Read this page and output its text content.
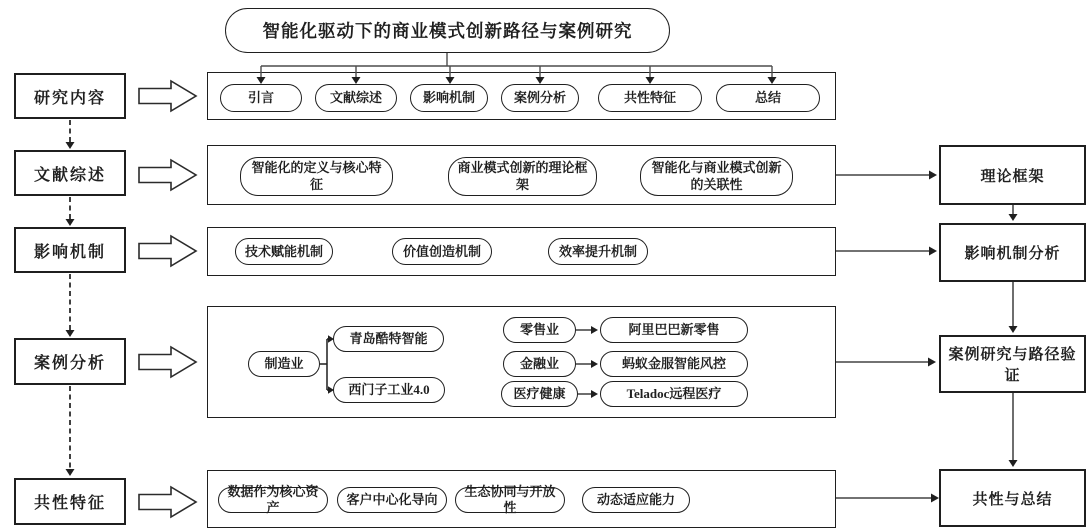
智能化驱动下的商业模式创新路径与案例研究
研究内容
文献综述
影响机制
案例分析
共性特征
引言	文献综述	影响机制	案例分析	共性特征	总结
智能化的定义与核心特征
商业模式创新的理论框架
智能化与商业模式创新的关联性
技术赋能机制	价值创造机制	效率提升机制
制造业
青岛酷特智能
西门子工业4.0
零售业	阿里巴巴新零售
金融业	蚂蚁金服智能风控
医疗健康	Teladoc远程医疗
数据作为核心资产
客户中心化导向
生态协同与开放性
动态适应能力
理论框架
影响机制分析
案例研究与路径验证
共性与总结
